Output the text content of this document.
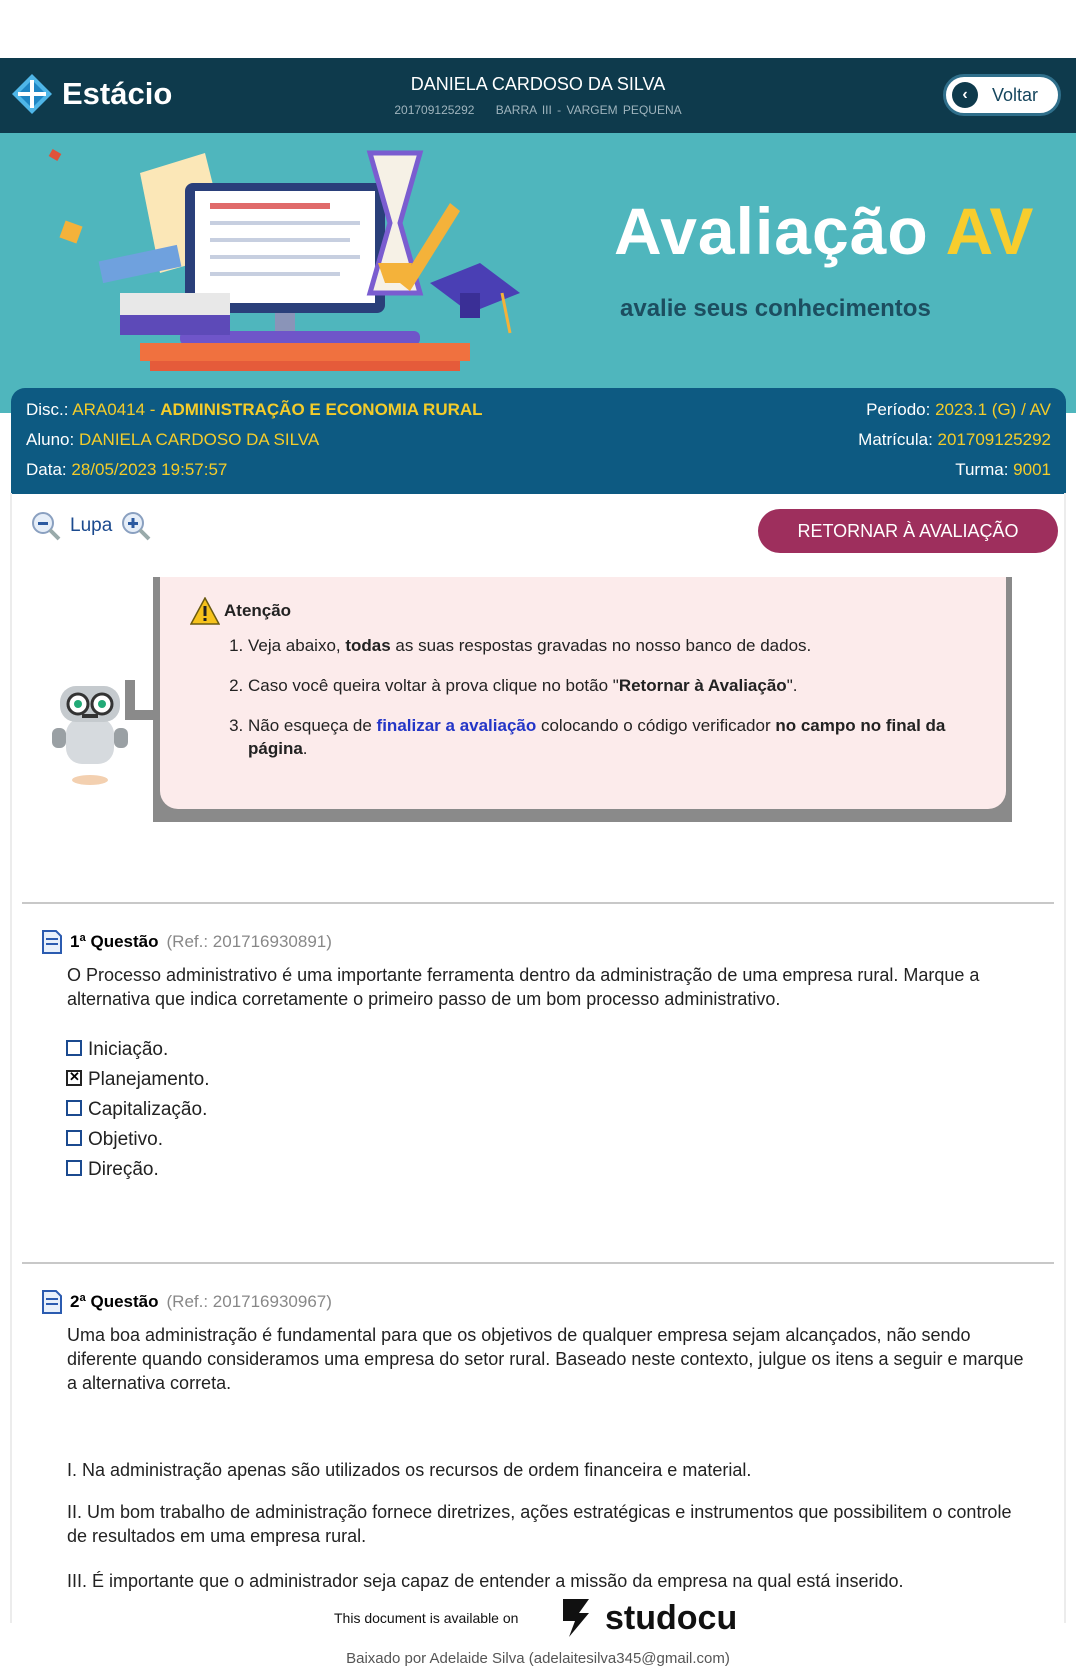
Estácio	DANIELA CARDOSO DA SILVA
201709125292 BARRA III - VARGEM PEQUENA
‹	Voltar
Avaliação AV
avalie seus conhecimentos
Disc.: ARA0414 - ADMINISTRAÇÃO E ECONOMIA RURAL	Período: 2023.1 (G) / AV
Aluno: DANIELA CARDOSO DA SILVA	Matrícula: 201709125292
Data: 28/05/2023 19:57:57	Turma: 9001
Lupa	RETORNAR À AVALIAÇÃO
Atenção
1. Veja abaixo, todas as suas respostas gravadas no nosso banco de dados.
2. Caso você queira voltar à prova clique no botão "Retornar à Avaliação".
3. Não esqueça de finalizar a avaliação colocando o código verificador no campo no final da página.
1ª Questão (Ref.: 201716930891)
O Processo administrativo é uma importante ferramenta dentro da administração de uma empresa rural. Marque a alternativa que indica corretamente o primeiro passo de um bom processo administrativo.
Iniciação.
✕
Planejamento.
Capitalização.
Objetivo.
Direção.
2ª Questão (Ref.: 201716930967)
Uma boa administração é fundamental para que os objetivos de qualquer empresa sejam alcançados, não sendo diferente quando consideramos uma empresa do setor rural. Baseado neste contexto, julgue os itens a seguir e marque a alternativa correta.
I. Na administração apenas são utilizados os recursos de ordem financeira e material.
II. Um bom trabalho de administração fornece diretrizes, ações estratégicas e instrumentos que possibilitem o controle de resultados em uma empresa rural.
III. É importante que o administrador seja capaz de entender a missão da empresa na qual está inserido.
This document is available on	studocu
Baixado por Adelaide Silva (adelaitesilva345@gmail.com)
